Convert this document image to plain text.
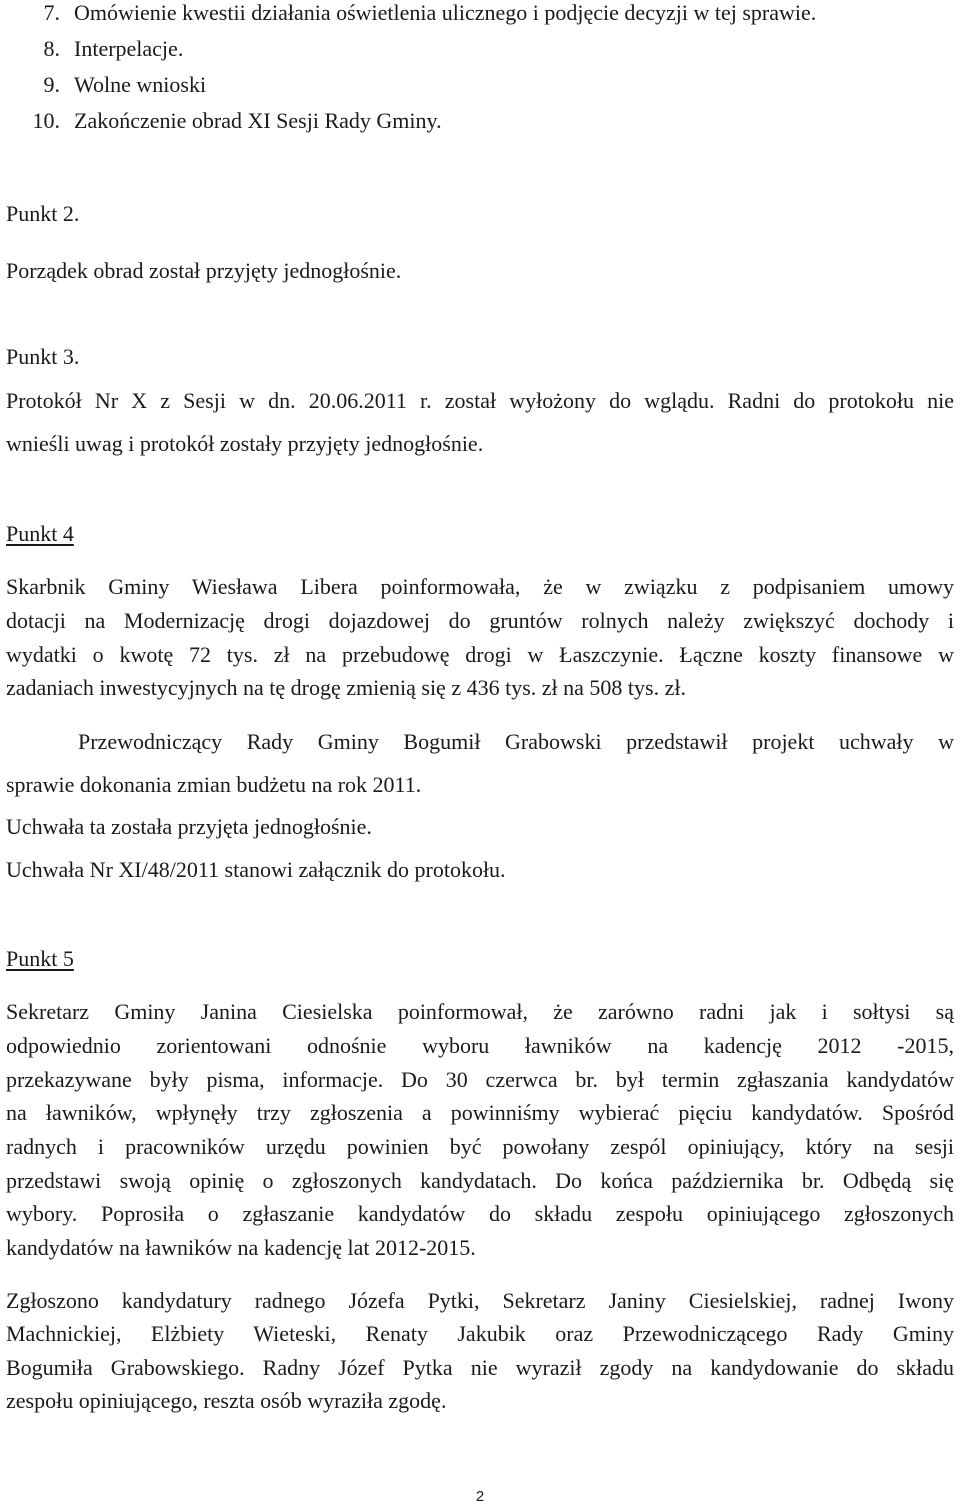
7. Omówienie kwestii działania oświetlenia ulicznego i podjęcie decyzji w tej sprawie.
8. Interpelacje.
9. Wolne wnioski
10. Zakończenie obrad XI Sesji Rady Gminy.
Punkt 2.
Porządek obrad został przyjęty jednogłośnie.
Punkt 3.
Protokół Nr X z Sesji w dn. 20.06.2011 r. został wyłożony do wglądu. Radni do protokołu nie
wnieśli uwag i protokół zostały przyjęty jednogłośnie.
Punkt 4
Skarbnik Gminy Wiesława Libera poinformowała, że w związku z podpisaniem umowy
dotacji na Modernizację drogi dojazdowej do gruntów rolnych należy zwiększyć dochody i
wydatki o kwotę 72 tys. zł na przebudowę drogi w Łaszczynie. Łączne koszty finansowe w
zadaniach inwestycyjnych na tę drogę zmienią się z 436 tys. zł na 508 tys. zł.
Przewodniczący Rady Gminy Bogumił Grabowski przedstawił projekt uchwały w
sprawie dokonania zmian budżetu na rok 2011.
Uchwała ta została przyjęta jednogłośnie.
Uchwała Nr XI/48/2011 stanowi załącznik do protokołu.
Punkt 5
Sekretarz Gminy Janina Ciesielska poinformował, że zarówno radni jak i sołtysi są
odpowiednio zorientowani odnośnie wyboru ławników na kadencję 2012 -2015,
przekazywane były pisma, informacje. Do 30 czerwca br. był termin zgłaszania kandydatów
na ławników, wpłynęły trzy zgłoszenia a powinniśmy wybierać pięciu kandydatów. Spośród
radnych i pracowników urzędu powinien być powołany zespól opiniujący, który na sesji
przedstawi swoją opinię o zgłoszonych kandydatach. Do końca października br. Odbędą się
wybory. Poprosiła o zgłaszanie kandydatów do składu zespołu opiniującego zgłoszonych
kandydatów na ławników na kadencję lat 2012-2015.
Zgłoszono kandydatury radnego Józefa Pytki, Sekretarz Janiny Ciesielskiej, radnej Iwony
Machnickiej, Elżbiety Wieteski, Renaty Jakubik oraz Przewodniczącego Rady Gminy
Bogumiła Grabowskiego. Radny Józef Pytka nie wyraził zgody na kandydowanie do składu
zespołu opiniującego, reszta osób wyraziła zgodę.
2
